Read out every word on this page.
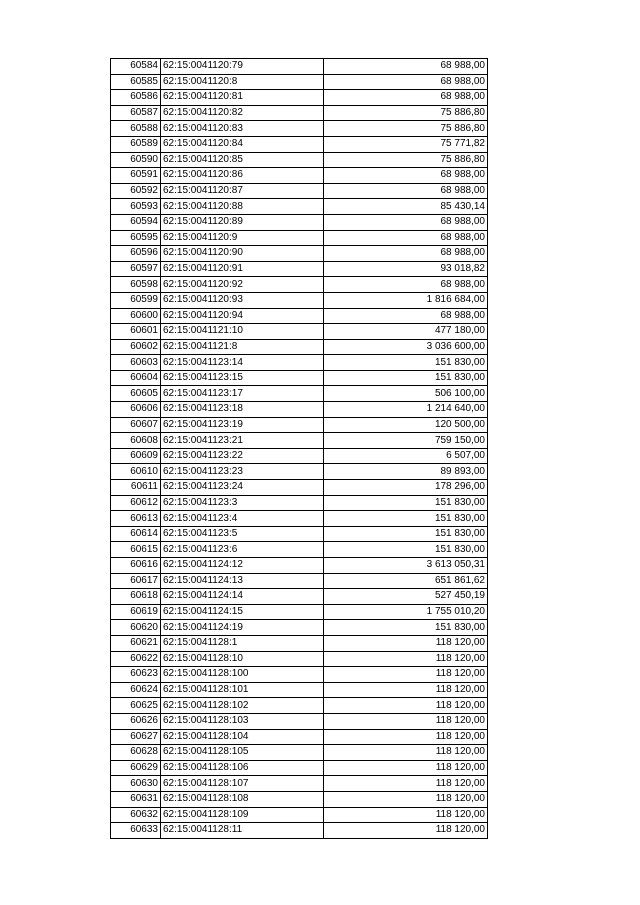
60584	62:15:0041120:79	68 988,00
60585	62:15:0041120:8	68 988,00
60586	62:15:0041120:81	68 988,00
60587	62:15:0041120:82	75 886,80
60588	62:15:0041120:83	75 886,80
60589	62:15:0041120:84	75 771,82
60590	62:15:0041120:85	75 886,80
60591	62:15:0041120:86	68 988,00
60592	62:15:0041120:87	68 988,00
60593	62:15:0041120:88	85 430,14
60594	62:15:0041120:89	68 988,00
60595	62:15:0041120:9	68 988,00
60596	62:15:0041120:90	68 988,00
60597	62:15:0041120:91	93 018,82
60598	62:15:0041120:92	68 988,00
60599	62:15:0041120:93	1 816 684,00
60600	62:15:0041120:94	68 988,00
60601	62:15:0041121:10	477 180,00
60602	62:15:0041121:8	3 036 600,00
60603	62:15:0041123:14	151 830,00
60604	62:15:0041123:15	151 830,00
60605	62:15:0041123:17	506 100,00
60606	62:15:0041123:18	1 214 640,00
60607	62:15:0041123:19	120 500,00
60608	62:15:0041123:21	759 150,00
60609	62:15:0041123:22	6 507,00
60610	62:15:0041123:23	89 893,00
60611	62:15:0041123:24	178 296,00
60612	62:15:0041123:3	151 830,00
60613	62:15:0041123:4	151 830,00
60614	62:15:0041123:5	151 830,00
60615	62:15:0041123:6	151 830,00
60616	62:15:0041124:12	3 613 050,31
60617	62:15:0041124:13	651 861,62
60618	62:15:0041124:14	527 450,19
60619	62:15:0041124:15	1 755 010,20
60620	62:15:0041124:19	151 830,00
60621	62:15:0041128:1	118 120,00
60622	62:15:0041128:10	118 120,00
60623	62:15:0041128:100	118 120,00
60624	62:15:0041128:101	118 120,00
60625	62:15:0041128:102	118 120,00
60626	62:15:0041128:103	118 120,00
60627	62:15:0041128:104	118 120,00
60628	62:15:0041128:105	118 120,00
60629	62:15:0041128:106	118 120,00
60630	62:15:0041128:107	118 120,00
60631	62:15:0041128:108	118 120,00
60632	62:15:0041128:109	118 120,00
60633	62:15:0041128:11	118 120,00
